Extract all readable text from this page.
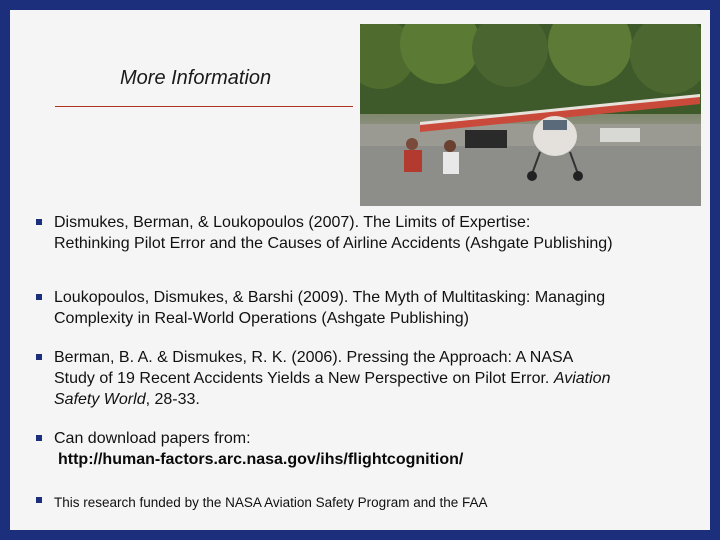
More Information
Dismukes, Berman, & Loukopoulos (2007). The Limits of Expertise:
Rethinking Pilot Error and the Causes of Airline Accidents (Ashgate Publishing)
Loukopoulos, Dismukes, & Barshi (2009). The Myth of Multitasking: Managing
Complexity in Real-World Operations (Ashgate Publishing)
Berman, B. A. & Dismukes, R. K. (2006). Pressing the Approach: A NASA
Study of 19 Recent Accidents Yields a New Perspective on Pilot Error. Aviation
Safety World, 28-33.
Can download papers from:
http://human-factors.arc.nasa.gov/ihs/flightcognition/
This research funded by the NASA Aviation Safety Program and the FAA
